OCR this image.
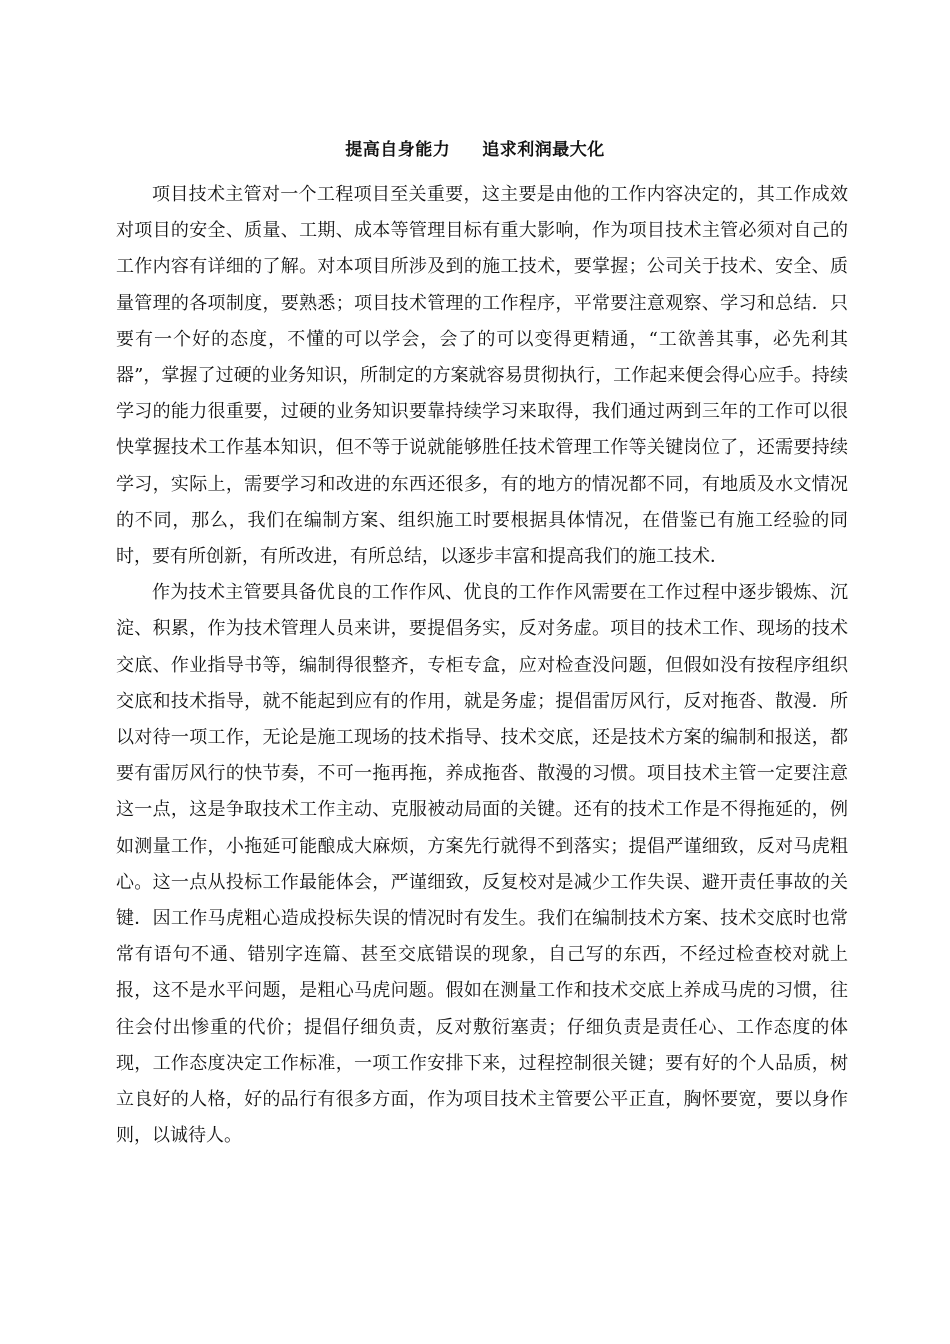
提高自身能力     追求利润最大化

项目技术主管对一个工程项目至关重要，这主要是由他的工作内容决定的，其工作成效对项目的安全、质量、工期、成本等管理目标有重大影响，作为项目技术主管必须对自己的工作内容有详细的了解。对本项目所涉及到的施工技术，要掌握；公司关于技术、安全、质量管理的各项制度，要熟悉；项目技术管理的工作程序，平常要注意观察、学习和总结．只要有一个好的态度，不懂的可以学会，会了的可以变得更精通，“工欲善其事，必先利其器”，掌握了过硬的业务知识，所制定的方案就容易贯彻执行，工作起来便会得心应手。持续学习的能力很重要，过硬的业务知识要靠持续学习来取得，我们通过两到三年的工作可以很快掌握技术工作基本知识，但不等于说就能够胜任技术管理工作等关键岗位了，还需要持续学习，实际上，需要学习和改进的东西还很多，有的地方的情况都不同，有地质及水文情况的不同，那么，我们在编制方案、组织施工时要根据具体情况，在借鉴已有施工经验的同时，要有所创新，有所改进，有所总结，以逐步丰富和提高我们的施工技术．

作为技术主管要具备优良的工作作风、优良的工作作风需要在工作过程中逐步锻炼、沉淀、积累，作为技术管理人员来讲，要提倡务实，反对务虚。项目的技术工作、现场的技术交底、作业指导书等，编制得很整齐，专柜专盒，应对检查没问题，但假如没有按程序组织交底和技术指导，就不能起到应有的作用，就是务虚；提倡雷厉风行，反对拖沓、散漫．所以对待一项工作，无论是施工现场的技术指导、技术交底，还是技术方案的编制和报送，都要有雷厉风行的快节奏，不可一拖再拖，养成拖沓、散漫的习惯。项目技术主管一定要注意这一点，这是争取技术工作主动、克服被动局面的关键。还有的技术工作是不得拖延的，例如测量工作，小拖延可能酿成大麻烦，方案先行就得不到落实；提倡严谨细致，反对马虎粗心。这一点从投标工作最能体会，严谨细致，反复校对是减少工作失误、避开责任事故的关键．因工作马虎粗心造成投标失误的情况时有发生。我们在编制技术方案、技术交底时也常常有语句不通、错别字连篇、甚至交底错误的现象，自己写的东西，不经过检查校对就上报，这不是水平问题，是粗心马虎问题。假如在测量工作和技术交底上养成马虎的习惯，往往会付出惨重的代价；提倡仔细负责，反对敷衍塞责；仔细负责是责任心、工作态度的体现，工作态度决定工作标准，一项工作安排下来，过程控制很关键；要有好的个人品质，树立良好的人格，好的品行有很多方面，作为项目技术主管要公平正直，胸怀要宽，要以身作则，以诚待人。
